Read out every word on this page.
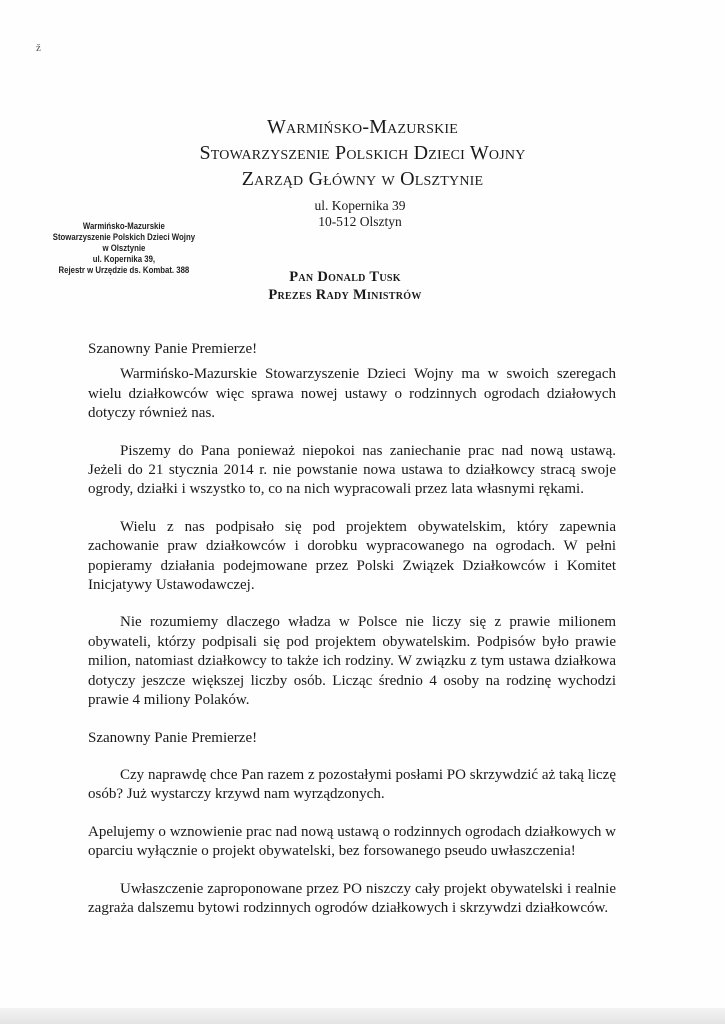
ž
Warmińsko-Mazurskie
Stowarzyszenie Polskich Dzieci Wojny
Zarząd Główny w Olsztynie
ul. Kopernika 39
10-512 Olsztyn
Warmińsko-Mazurskie
Stowarzyszenie Polskich Dzieci Wojny
w Olsztynie
ul. Kopernika 39,
Rejestr w Urzędzie ds. Kombat. 388	Pan Donald Tusk
Prezes Rady Ministrów

Szanowny Panie Premierze!

Warmińsko-Mazurskie Stowarzyszenie Dzieci Wojny ma w swoich szeregach wielu działkowców więc sprawa nowej ustawy o rodzinnych ogrodach działowych dotyczy również nas.

Piszemy do Pana ponieważ niepokoi nas zaniechanie prac nad nową ustawą. Jeżeli do 21 stycznia 2014 r. nie powstanie nowa ustawa to działkowcy stracą swoje ogrody, działki i wszystko to, co na nich wypracowali przez lata własnymi rękami.

Wielu z nas podpisało się pod projektem obywatelskim, który zapewnia zachowanie praw działkowców i dorobku wypracowanego na ogrodach. W pełni popieramy działania podejmowane przez Polski Związek Działkowców i Komitet Inicjatywy Ustawodawczej.

Nie rozumiemy dlaczego władza w Polsce nie liczy się z prawie milionem obywateli, którzy podpisali się pod projektem obywatelskim. Podpisów było prawie milion, natomiast działkowcy to także ich rodziny. W związku z tym ustawa działkowa dotyczy jeszcze większej liczby osób. Licząc średnio 4 osoby na rodzinę wychodzi prawie 4 miliony Polaków.

Szanowny Panie Premierze!

Czy naprawdę chce Pan razem z pozostałymi posłami PO skrzywdzić aż taką liczę osób? Już wystarczy krzywd nam wyrządzonych.

Apelujemy o wznowienie prac nad nową ustawą o rodzinnych ogrodach działkowych w oparciu wyłącznie o projekt obywatelski, bez forsowanego pseudo uwłaszczenia!

Uwłaszczenie zaproponowane przez PO niszczy cały projekt obywatelski i realnie zagraża dalszemu bytowi rodzinnych ogrodów działkowych i skrzywdzi działkowców.
